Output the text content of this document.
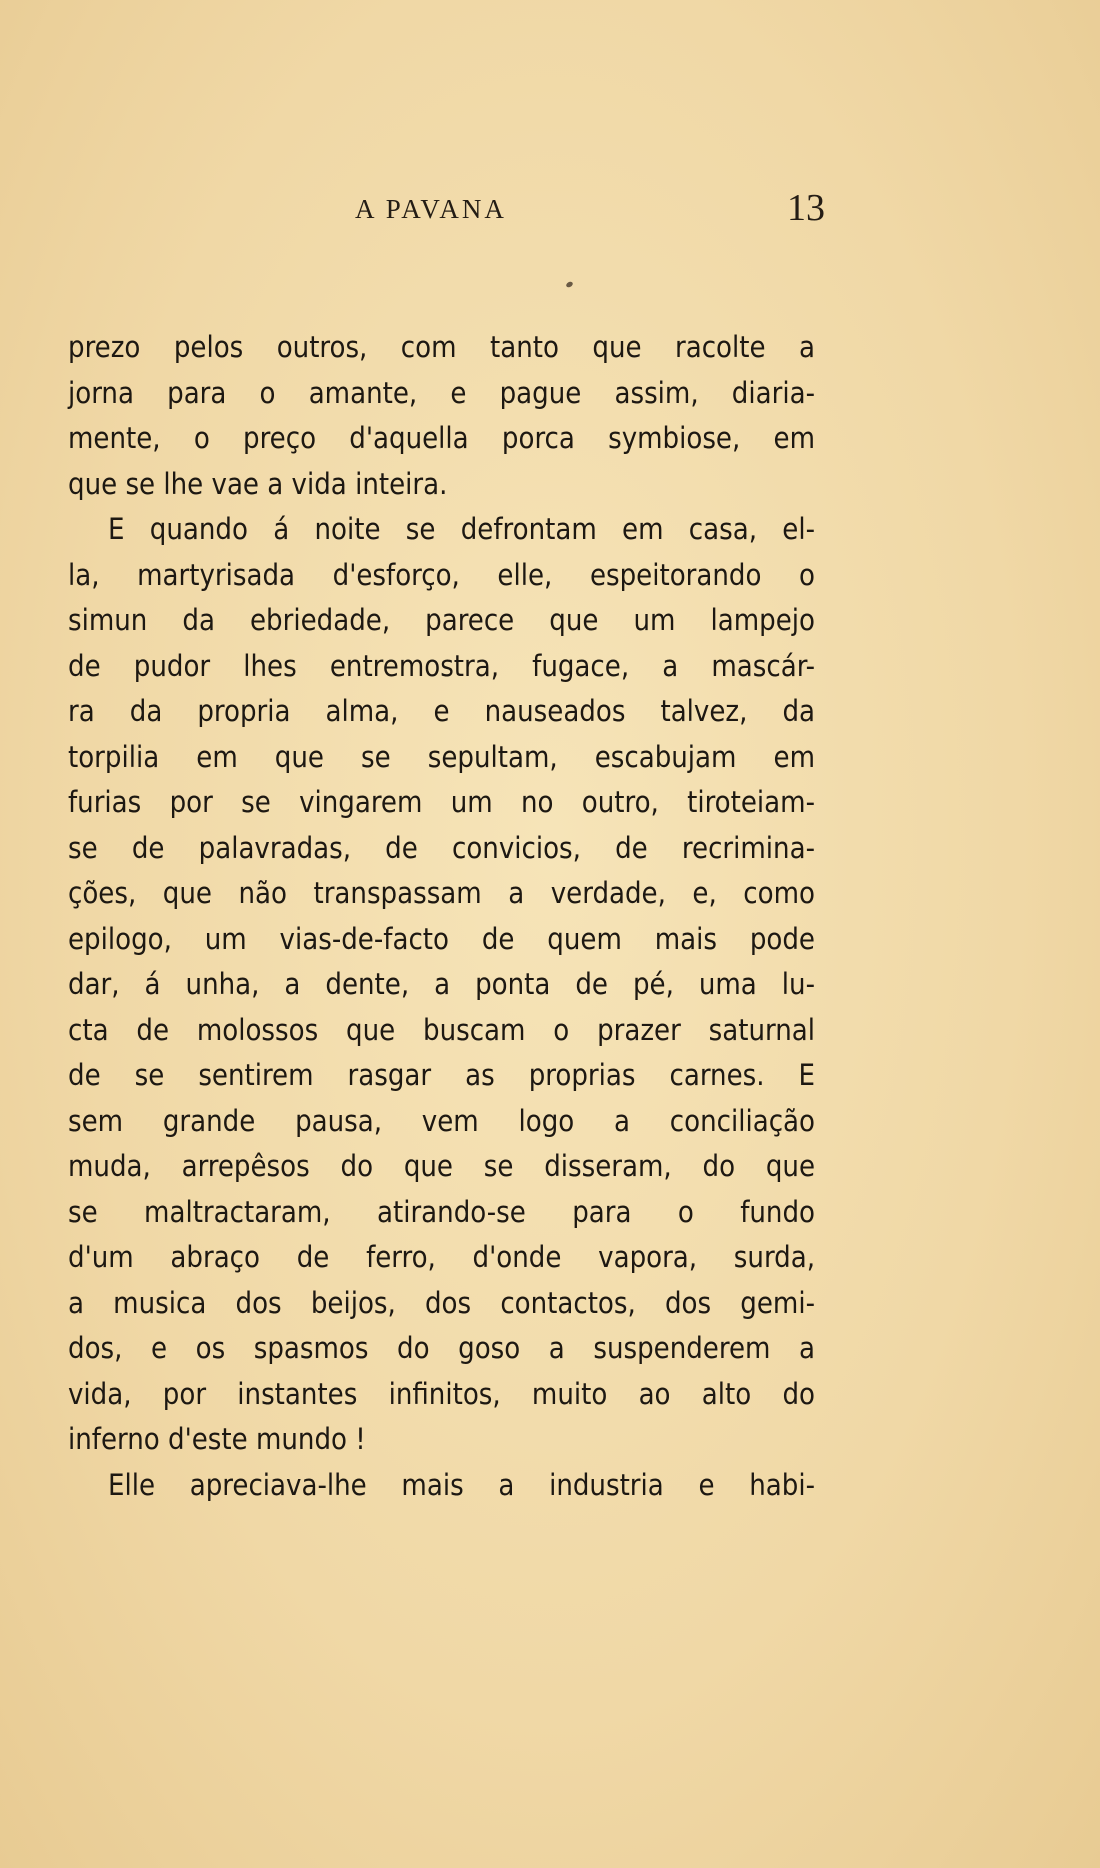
A PAVANA	13
prezo pelos outros, com tanto que racolte a
jorna para o amante, e pague assim, diaria-
mente, o preço d'aquella porca symbiose, em
que se lhe vae a vida inteira.
E quando á noite se defrontam em casa, el-
la, martyrisada d'esforço, elle, espeitorando o
simun da ebriedade, parece que um lampejo
de pudor lhes entremostra, fugace, a mascár-
ra da propria alma, e nauseados talvez, da
torpilia em que se sepultam, escabujam em
furias por se vingarem um no outro, tiroteiam-
se de palavradas, de convicios, de recrimina-
ções, que não transpassam a verdade, e, como
epilogo, um vias-de-facto de quem mais pode
dar, á unha, a dente, a ponta de pé, uma lu-
cta de molossos que buscam o prazer saturnal
de se sentirem rasgar as proprias carnes. E
sem grande pausa, vem logo a conciliação
muda, arrepêsos do que se disseram, do que
se maltractaram, atirando-se para o fundo
d'um abraço de ferro, d'onde vapora, surda,
a musica dos beijos, dos contactos, dos gemi-
dos, e os spasmos do goso a suspenderem a
vida, por instantes infinitos, muito ao alto do
inferno d'este mundo !
Elle apreciava-lhe mais a industria e habi-
